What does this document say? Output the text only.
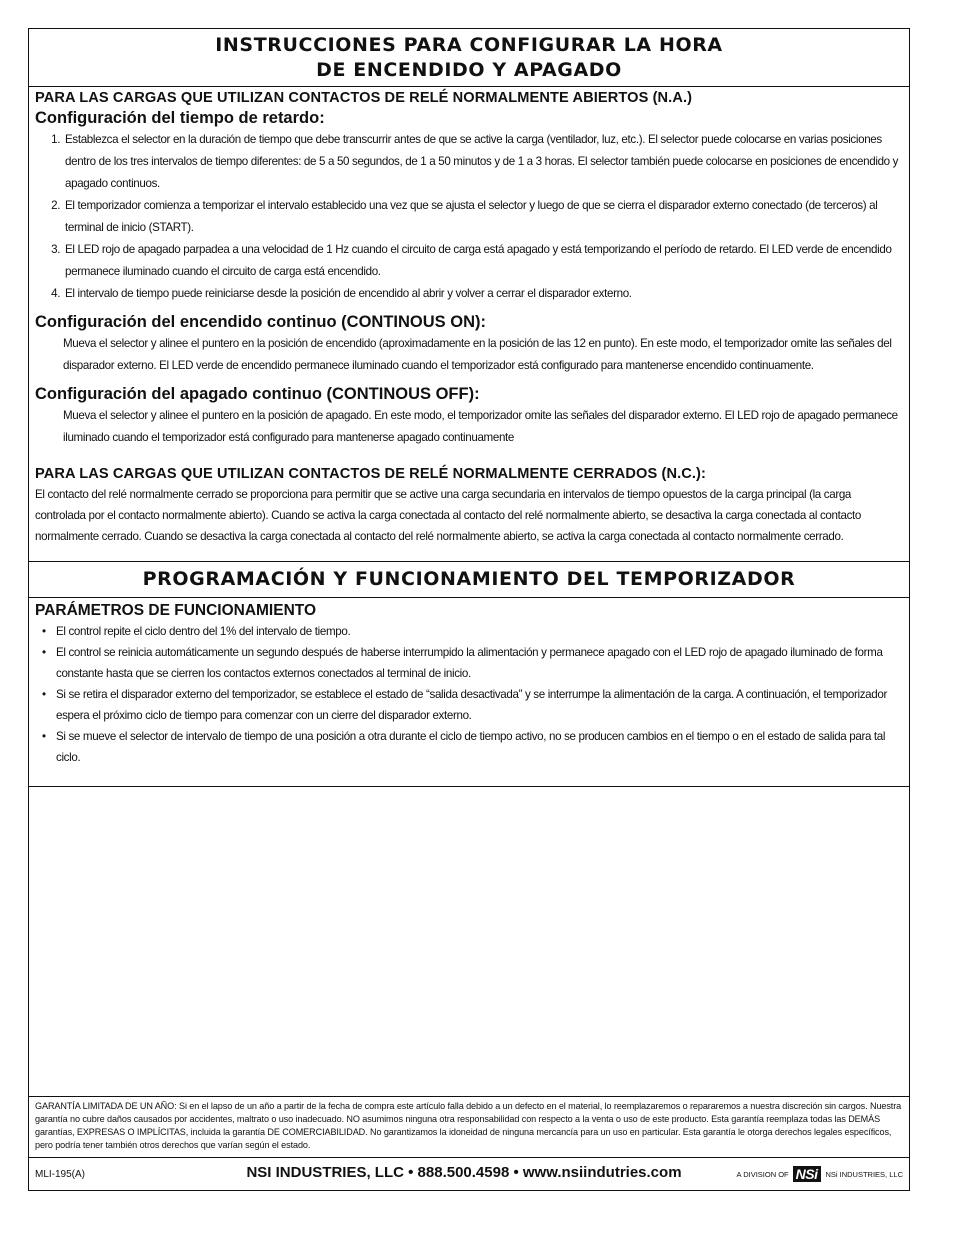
INSTRUCCIONES PARA CONFIGURAR LA HORA
DE ENCENDIDO Y APAGADO
PARA LAS CARGAS QUE UTILIZAN CONTACTOS DE RELÉ NORMALMENTE ABIERTOS (N.A.)
Configuración del tiempo de retardo:
1. Establezca el selector en la duración de tiempo que debe transcurrir antes de que se active la carga (ventilador, luz, etc.). El selector puede colocarse en varias posiciones dentro de los tres intervalos de tiempo diferentes: de 5 a 50 segundos, de 1 a 50 minutos y de 1 a 3 horas. El selector también puede colocarse en posiciones de encendido y apagado continuos.
2. El temporizador comienza a temporizar el intervalo establecido una vez que se ajusta el selector y luego de que se cierra el disparador externo conectado (de terceros) al terminal de inicio (START).
3. El LED rojo de apagado parpadea a una velocidad de 1 Hz cuando el circuito de carga está apagado y está temporizando el período de retardo. El LED verde de encendido permanece iluminado cuando el circuito de carga está encendido.
4. El intervalo de tiempo puede reiniciarse desde la posición de encendido al abrir y volver a cerrar el disparador externo.
Configuración del encendido continuo (CONTINOUS ON):
Mueva el selector y alinee el puntero en la posición de encendido (aproximadamente en la posición de las 12 en punto). En este modo, el temporizador omite las señales del disparador externo. El LED verde de encendido permanece iluminado cuando el temporizador está configurado para mantenerse encendido continuamente.
Configuración del apagado continuo (CONTINOUS OFF):
Mueva el selector y alinee el puntero en la posición de apagado. En este modo, el temporizador omite las señales del disparador externo. El LED rojo de apagado permanece iluminado cuando el temporizador está configurado para mantenerse apagado continuamente
PARA LAS CARGAS QUE UTILIZAN CONTACTOS DE RELÉ NORMALMENTE CERRADOS (N.C.):
El contacto del relé normalmente cerrado se proporciona para permitir que se active una carga secundaria en intervalos de tiempo opuestos de la carga principal (la carga controlada por el contacto normalmente abierto). Cuando se activa la carga conectada al contacto del relé normalmente abierto, se desactiva la carga conectada al contacto normalmente cerrado. Cuando se desactiva la carga conectada al contacto del relé normalmente abierto, se activa la carga conectada al contacto normalmente cerrado.
PROGRAMACIÓN Y FUNCIONAMIENTO DEL TEMPORIZADOR
PARÁMETROS DE FUNCIONAMIENTO
• El control repite el ciclo dentro del 1% del intervalo de tiempo.
• El control se reinicia automáticamente un segundo después de haberse interrumpido la alimentación y permanece apagado con el LED rojo de apagado iluminado de forma constante hasta que se cierren los contactos externos conectados al terminal de inicio.
• Si se retira el disparador externo del temporizador, se establece el estado de “salida desactivada” y se interrumpe la alimentación de la carga. A continuación, el temporizador espera el próximo ciclo de tiempo para comenzar con un cierre del disparador externo.
• Si se mueve el selector de intervalo de tiempo de una posición a otra durante el ciclo de tiempo activo, no se producen cambios en el tiempo o en el estado de salida para tal ciclo.
GARANTÍA LIMITADA DE UN AÑO: Si en el lapso de un año a partir de la fecha de compra este artículo falla debido a un defecto en el material, lo reemplazaremos o repararemos a nuestra discreción sin cargos. Nuestra garantía no cubre daños causados por accidentes, maltrato o uso inadecuado. NO asumimos ninguna otra responsabilidad con respecto a la venta o uso de este producto. Esta garantía reemplaza todas las DEMÁS garantías, EXPRESAS O IMPLÍCITAS, incluida la garantía DE COMERCIABILIDAD. No garantizamos la idoneidad de ninguna mercancía para un uso en particular. Esta garantía le otorga derechos legales específicos, pero podría tener también otros derechos que varían según el estado.
MLI-195(A)	NSI INDUSTRIES, LLC • 888.500.4598 • www.nsiindutries.com	A DIVISION OF NSi	NSi INDUSTRIES, LLC
